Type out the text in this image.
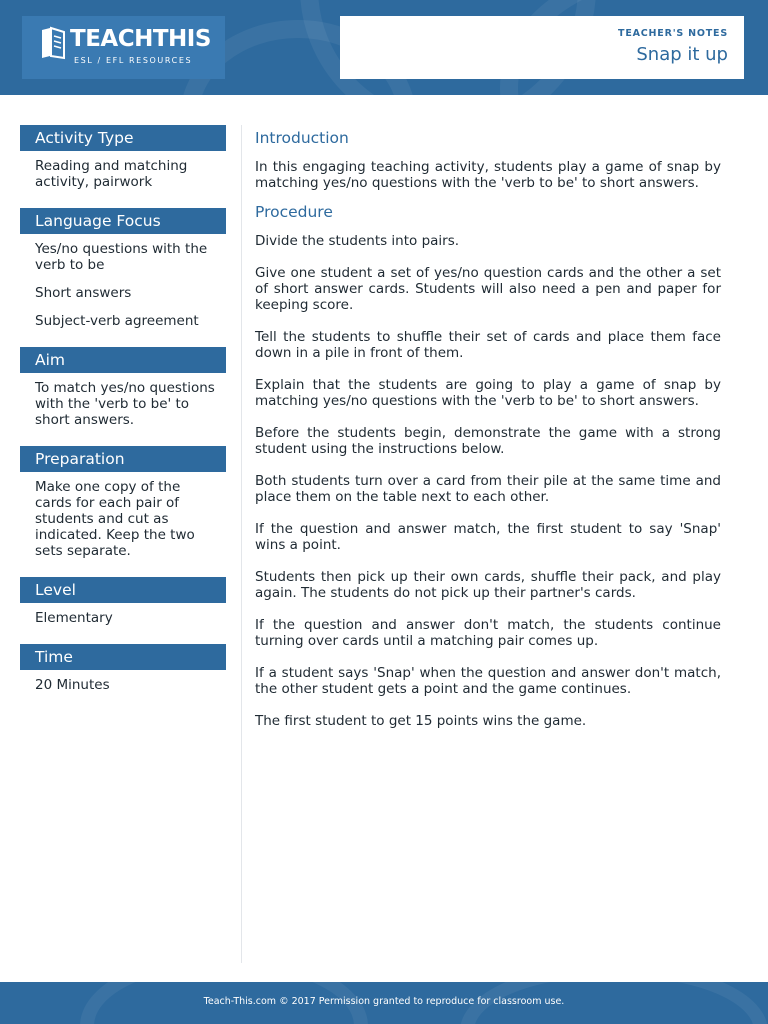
TEACHTHIS
ESL / EFL RESOURCES
TEACHER'S NOTES
Snap it up
Activity Type

Reading and matching activity, pairwork

Language Focus

Yes/no questions with the verb to be

Short answers

Subject-verb agreement

Aim

To match yes/no questions with the 'verb to be' to short answers.

Preparation

Make one copy of the cards for each pair of students and cut as indicated. Keep the two sets separate.

Level

Elementary

Time

20 Minutes

Introduction

In this engaging teaching activity, students play a game of snap by matching yes/no questions with the 'verb to be' to short answers.

Procedure

Divide the students into pairs.

Give one student a set of yes/no question cards and the other a set of short answer cards. Students will also need a pen and paper for keeping score.

Tell the students to shuffle their set of cards and place them face down in a pile in front of them.

Explain that the students are going to play a game of snap by matching yes/no questions with the 'verb to be' to short answers.

Before the students begin, demonstrate the game with a strong student using the instructions below.

Both students turn over a card from their pile at the same time and place them on the table next to each other.

If the question and answer match, the first student to say 'Snap' wins a point.

Students then pick up their own cards, shuffle their pack, and play again. The students do not pick up their partner's cards.

If the question and answer don't match, the students continue turning over cards until a matching pair comes up.

If a student says 'Snap' when the question and answer don't match, the other student gets a point and the game continues.

The first student to get 15 points wins the game.

Teach-This.com © 2017 Permission granted to reproduce for classroom use.
